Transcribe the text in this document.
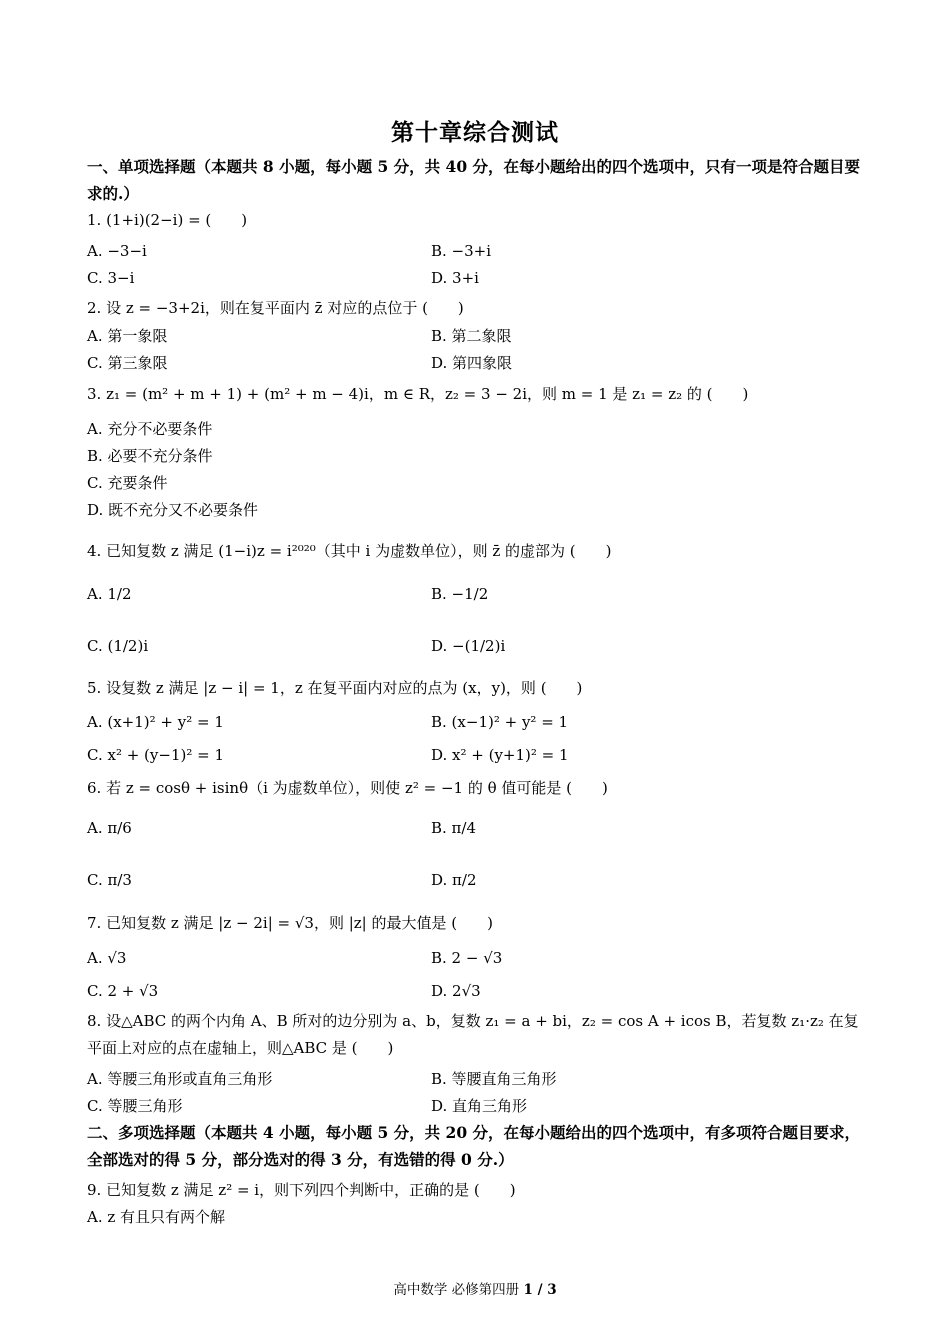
第十章综合测试
一、单项选择题（本题共 8 小题，每小题 5 分，共 40 分，在每小题给出的四个选项中，只有一项是符合题目要求的.）
1. (1+i)(2−i) = (　　)
A. −3−i	B. −3+i
C. 3−i	D. 3+i
2. 设 z = −3+2i，则在复平面内 z̄ 对应的点位于 (　　)
A. 第一象限	B. 第二象限
C. 第三象限	D. 第四象限
3. z₁ = (m² + m + 1) + (m² + m − 4)i，m ∈ R，z₂ = 3 − 2i，则 m = 1 是 z₁ = z₂ 的 (　　)
A. 充分不必要条件
B. 必要不充分条件
C. 充要条件
D. 既不充分又不必要条件
4. 已知复数 z 满足 (1−i)z = i²⁰²⁰（其中 i 为虚数单位），则 z̄ 的虚部为 (　　)
A. 1/2	B. −1/2
C. (1/2)i	D. −(1/2)i
5. 设复数 z 满足 |z − i| = 1，z 在复平面内对应的点为 (x，y)，则 (　　)
A. (x+1)² + y² = 1	B. (x−1)² + y² = 1
C. x² + (y−1)² = 1	D. x² + (y+1)² = 1
6. 若 z = cosθ + isinθ（i 为虚数单位），则使 z² = −1 的 θ 值可能是 (　　)
A. π/6	B. π/4
C. π/3	D. π/2
7. 已知复数 z 满足 |z − 2i| = √3，则 |z| 的最大值是 (　　)
A. √3	B. 2 − √3
C. 2 + √3	D. 2√3
8. 设△ABC 的两个内角 A、B 所对的边分别为 a、b，复数 z₁ = a + bi，z₂ = cos A + icos B，若复数 z₁·z₂ 在复平面上对应的点在虚轴上，则△ABC 是 (　　)
A. 等腰三角形或直角三角形	B. 等腰直角三角形
C. 等腰三角形	D. 直角三角形
二、多项选择题（本题共 4 小题，每小题 5 分，共 20 分，在每小题给出的四个选项中，有多项符合题目要求，全部选对的得 5 分，部分选对的得 3 分，有选错的得 0 分.）
9. 已知复数 z 满足 z² = i，则下列四个判断中，正确的是 (　　)
A. z 有且只有两个解
高中数学 必修第四册 1 / 3
